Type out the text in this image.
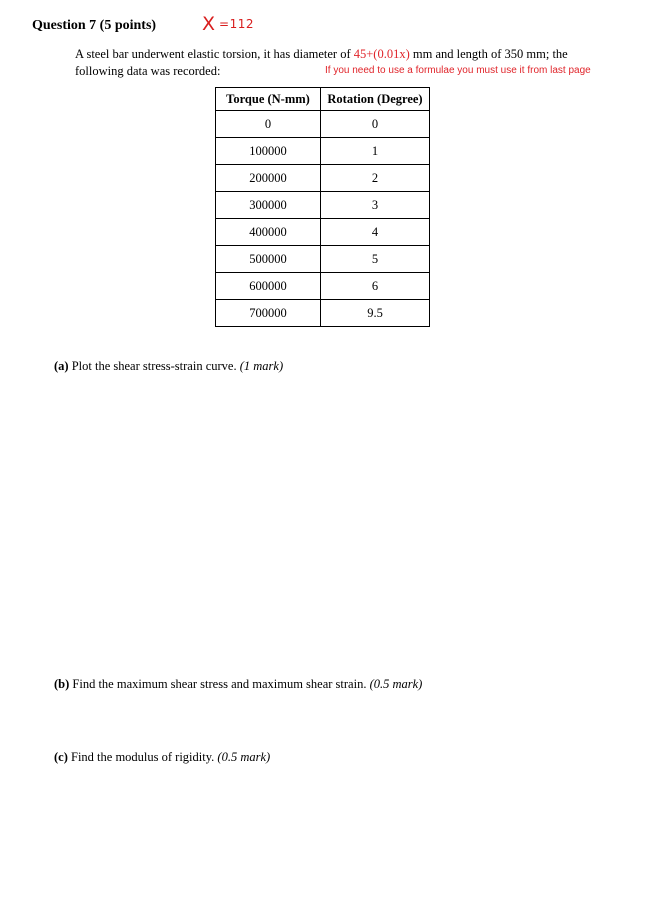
Question 7 (5 points) X =112
A steel bar underwent elastic torsion, it has diameter of 45+(0.01x) mm and length of 350 mm; the following data was recorded:	If you need to use a formulae you must use it from last page
Torque (N-mm)	Rotation (Degree)
0	0
100000	1
200000	2
300000	3
400000	4
500000	5
600000	6
700000	9.5
(a) Plot the shear stress-strain curve. (1 mark)
(b) Find the maximum shear stress and maximum shear strain. (0.5 mark)
(c) Find the modulus of rigidity. (0.5 mark)
